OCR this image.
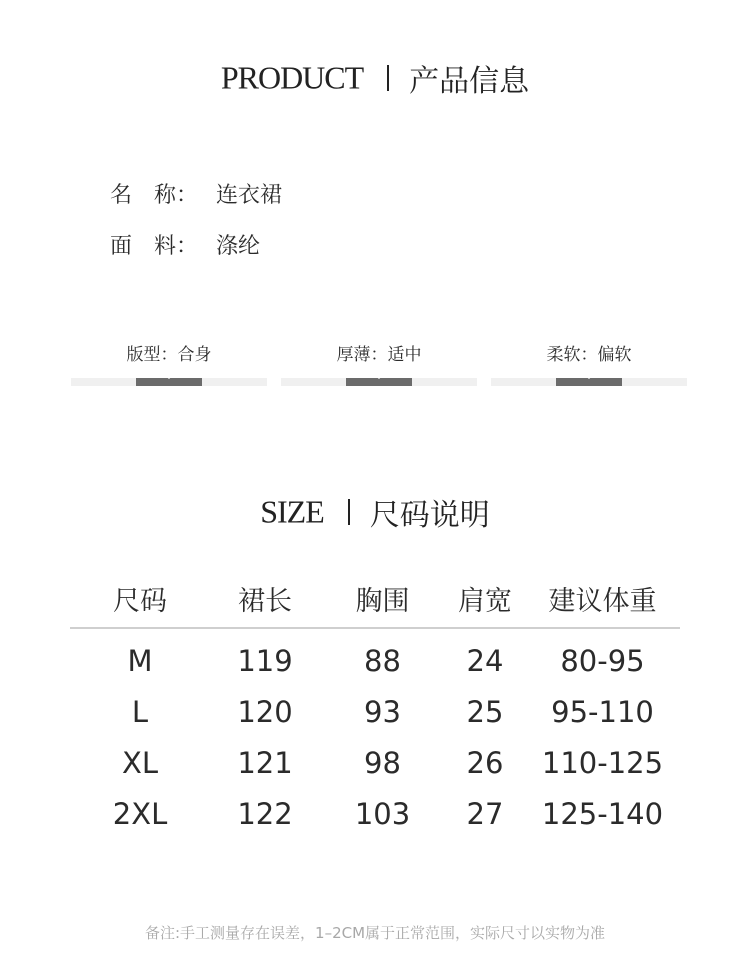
PRODUCT 产品信息
名　称： 连衣裙
面　料： 涤纶
版型：合身	厚薄：适中	柔软：偏软
SIZE 尺码说明
尺码	裙长	胸围	肩宽	建议体重
M	119	88	24	80-95
L	120	93	25	95-110
XL	121	98	26	110-125
2XL	122	103	27	125-140
备注:手工测量存在误差，1–2CM属于正常范围，实际尺寸以实物为准
